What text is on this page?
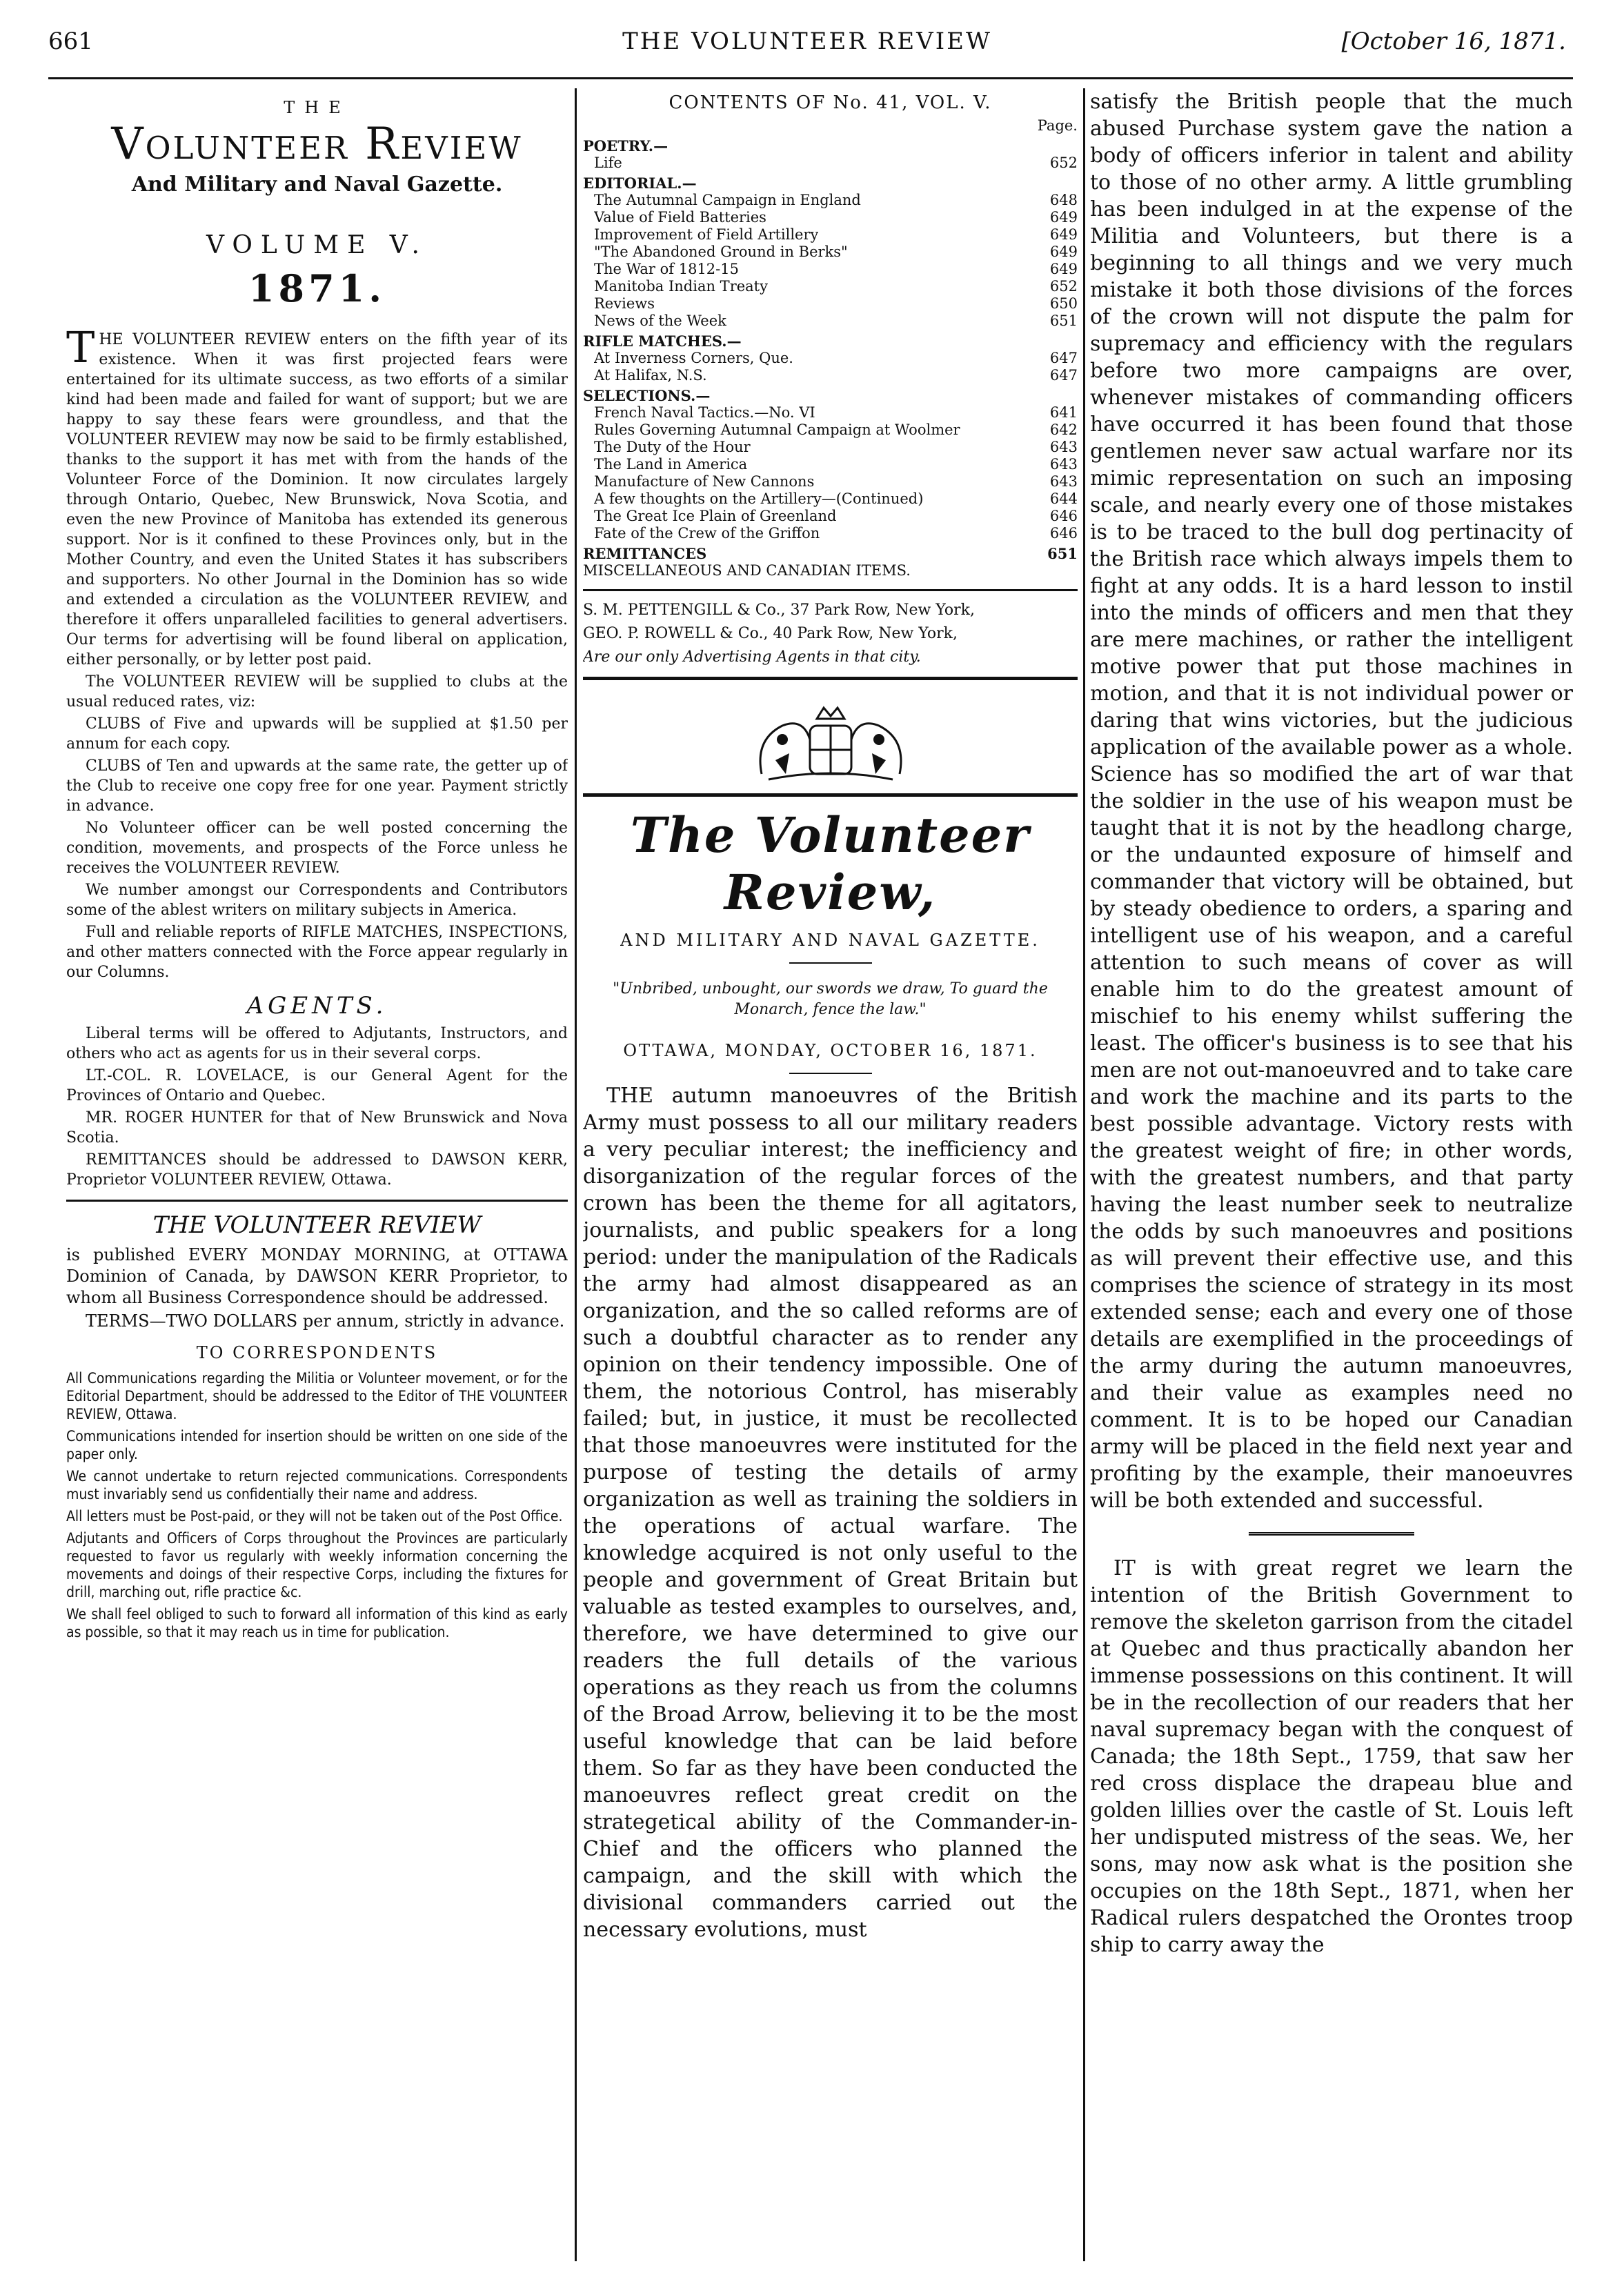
661	THE VOLUNTEER REVIEW	[October 16, 1871.
THE
Volunteer Review
And Military and Naval Gazette.
VOLUME V.
1871.

THE VOLUNTEER REVIEW enters on the fifth year of its existence. When it was first projected fears were entertained for its ultimate success, as two efforts of a similar kind had been made and failed for want of support; but we are happy to say these fears were groundless, and that the VOLUNTEER REVIEW may now be said to be firmly established, thanks to the support it has met with from the hands of the Volunteer Force of the Dominion. It now circulates largely through Ontario, Quebec, New Brunswick, Nova Scotia, and even the new Province of Manitoba has extended its generous support. Nor is it confined to these Provinces only, but in the Mother Country, and even the United States it has subscribers and supporters. No other Journal in the Dominion has so wide and extended a circulation as the VOLUNTEER REVIEW, and therefore it offers unparalleled facilities to general advertisers. Our terms for advertising will be found liberal on application, either personally, or by letter post paid.

The VOLUNTEER REVIEW will be supplied to clubs at the usual reduced rates, viz:

CLUBS of Five and upwards will be supplied at $1.50 per annum for each copy.

CLUBS of Ten and upwards at the same rate, the getter up of the Club to receive one copy free for one year. Payment strictly in advance.

No Volunteer officer can be well posted concerning the condition, movements, and prospects of the Force unless he receives the VOLUNTEER REVIEW.

We number amongst our Correspondents and Contributors some of the ablest writers on military subjects in America.

Full and reliable reports of RIFLE MATCHES, INSPECTIONS, and other matters connected with the Force appear regularly in our Columns.

AGENTS.

Liberal terms will be offered to Adjutants, Instructors, and others who act as agents for us in their several corps.

LT.-COL. R. LOVELACE, is our General Agent for the Provinces of Ontario and Quebec.

MR. ROGER HUNTER for that of New Brunswick and Nova Scotia.

REMITTANCES should be addressed to DAWSON KERR, Proprietor VOLUNTEER REVIEW, Ottawa.

THE VOLUNTEER REVIEW

is published EVERY MONDAY MORNING, at OTTAWA Dominion of Canada, by DAWSON KERR Proprietor, to whom all Business Correspondence should be addressed.

TERMS—TWO DOLLARS per annum, strictly in advance.

TO CORRESPONDENTS

All Communications regarding the Militia or Volunteer movement, or for the Editorial Department, should be addressed to the Editor of THE VOLUNTEER REVIEW, Ottawa.

Communications intended for insertion should be written on one side of the paper only.

We cannot undertake to return rejected communications. Correspondents must invariably send us confidentially their name and address.

All letters must be Post-paid, or they will not be taken out of the Post Office.

Adjutants and Officers of Corps throughout the Provinces are particularly requested to favor us regularly with weekly information concerning the movements and doings of their respective Corps, including the fixtures for drill, marching out, rifle practice &c.

We shall feel obliged to such to forward all information of this kind as early as possible, so that it may reach us in time for publication.

CONTENTS OF No. 41, VOL. V.
Page.
POETRY.—
Life	652
EDITORIAL.—
The Autumnal Campaign in England	648
Value of Field Batteries	649
Improvement of Field Artillery	649
"The Abandoned Ground in Berks"	649
The War of 1812-15	649
Manitoba Indian Treaty	652
Reviews	650
News of the Week	651
RIFLE MATCHES.—
At Inverness Corners, Que.	647
At Halifax, N.S.	647
SELECTIONS.—
French Naval Tactics.—No. VI	641
Rules Governing Autumnal Campaign at Woolmer	642
The Duty of the Hour	643
The Land in America	643
Manufacture of New Cannons	643
A few thoughts on the Artillery—(Continued)	644
The Great Ice Plain of Greenland	646
Fate of the Crew of the Griffon	646
REMITTANCES	651
MISCELLANEOUS AND CANADIAN ITEMS.

S. M. PETTENGILL & Co., 37 Park Row, New York,

GEO. P. ROWELL & Co., 40 Park Row, New York,

Are our only Advertising Agents in that city.

The Volunteer Review,
AND MILITARY AND NAVAL GAZETTE.
"Unbribed, unbought, our swords we draw, To guard the Monarch, fence the law."
OTTAWA, MONDAY, OCTOBER 16, 1871.

THE autumn manoeuvres of the British Army must possess to all our military readers a very peculiar interest; the inefficiency and disorganization of the regular forces of the crown has been the theme for all agitators, journalists, and public speakers for a long period: under the manipulation of the Radicals the army had almost disappeared as an organization, and the so called reforms are of such a doubtful character as to render any opinion on their tendency impossible. One of them, the notorious Control, has miserably failed; but, in justice, it must be recollected that those manoeuvres were instituted for the purpose of testing the details of army organization as well as training the soldiers in the operations of actual warfare. The knowledge acquired is not only useful to the people and government of Great Britain but valuable as tested examples to ourselves, and, therefore, we have determined to give our readers the full details of the various operations as they reach us from the columns of the Broad Arrow, believing it to be the most useful knowledge that can be laid before them. So far as they have been conducted the manoeuvres reflect great credit on the strategetical ability of the Commander-in-Chief and the officers who planned the campaign, and the skill with which the divisional commanders carried out the necessary evolutions, must

satisfy the British people that the much abused Purchase system gave the nation a body of officers inferior in talent and ability to those of no other army. A little grumbling has been indulged in at the expense of the Militia and Volunteers, but there is a beginning to all things and we very much mistake it both those divisions of the forces of the crown will not dispute the palm for supremacy and efficiency with the regulars before two more campaigns are over, whenever mistakes of commanding officers have occurred it has been found that those gentlemen never saw actual warfare nor its mimic representation on such an imposing scale, and nearly every one of those mistakes is to be traced to the bull dog pertinacity of the British race which always impels them to fight at any odds. It is a hard lesson to instil into the minds of officers and men that they are mere machines, or rather the intelligent motive power that put those machines in motion, and that it is not individual power or daring that wins victories, but the judicious application of the available power as a whole. Science has so modified the art of war that the soldier in the use of his weapon must be taught that it is not by the headlong charge, or the undaunted exposure of himself and commander that victory will be obtained, but by steady obedience to orders, a sparing and intelligent use of his weapon, and a careful attention to such means of cover as will enable him to do the greatest amount of mischief to his enemy whilst suffering the least. The officer's business is to see that his men are not out-manoeuvred and to take care and work the machine and its parts to the best possible advantage. Victory rests with the greatest weight of fire; in other words, with the greatest numbers, and that party having the least number seek to neutralize the odds by such manoeuvres and positions as will prevent their effective use, and this comprises the science of strategy in its most extended sense; each and every one of those details are exemplified in the proceedings of the army during the autumn manoeuvres, and their value as examples need no comment. It is to be hoped our Canadian army will be placed in the field next year and profiting by the example, their manoeuvres will be both extended and successful.

IT is with great regret we learn the intention of the British Government to remove the skeleton garrison from the citadel at Quebec and thus practically abandon her immense possessions on this continent. It will be in the recollection of our readers that her naval supremacy began with the conquest of Canada; the 18th Sept., 1759, that saw her red cross displace the drapeau blue and golden lillies over the castle of St. Louis left her undisputed mistress of the seas. We, her sons, may now ask what is the position she occupies on the 18th Sept., 1871, when her Radical rulers despatched the Orontes troop ship to carry away the
